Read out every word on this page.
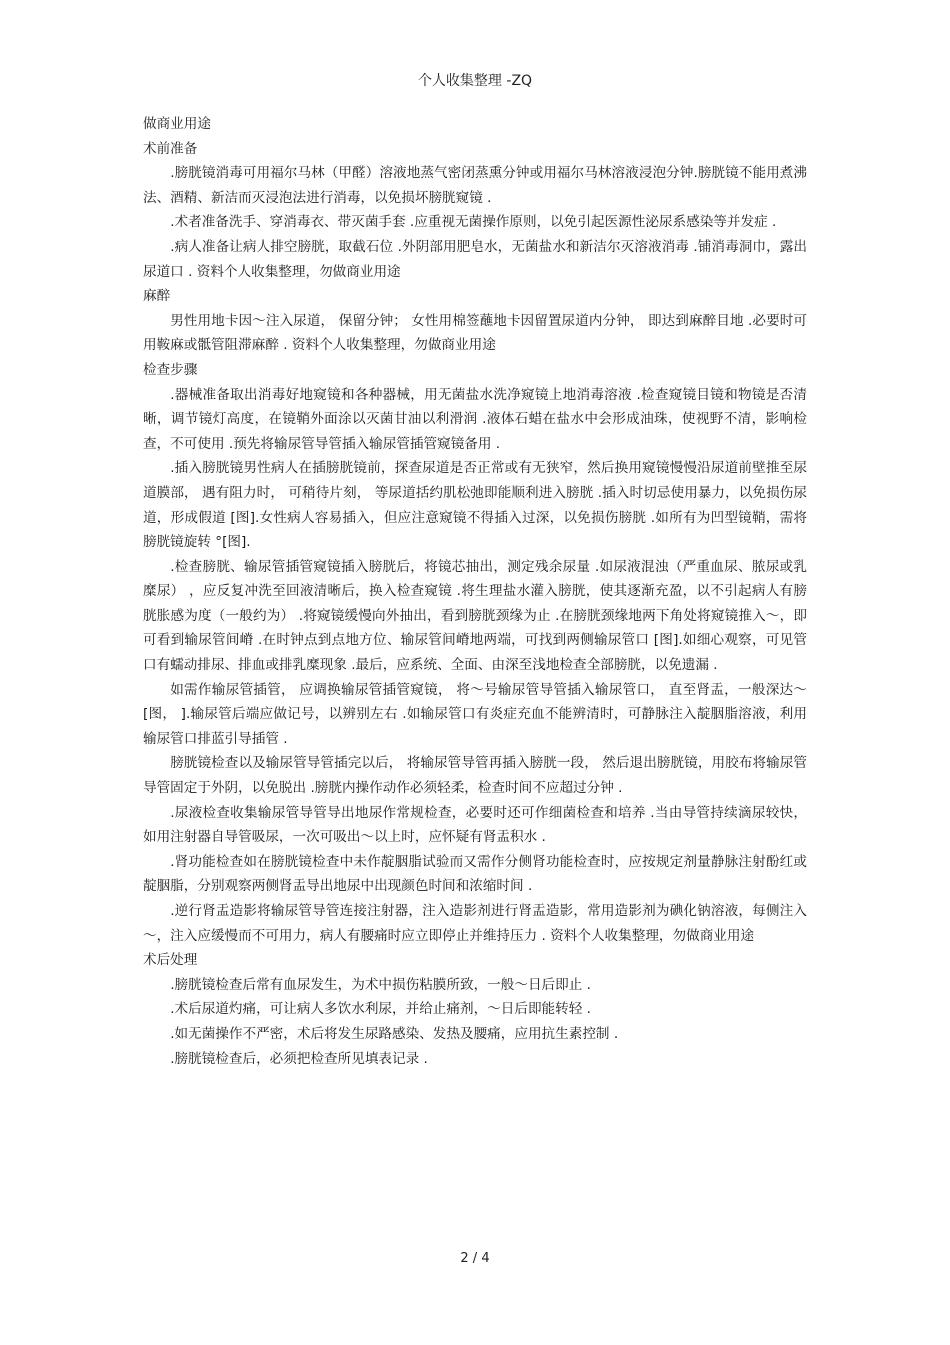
个人收集整理 -ZQ

做商业用途

术前准备

.膀胱镜消毒可用福尔马林（甲醛）溶液地蒸气密闭蒸熏分钟或用福尔马林溶液浸泡分钟.膀胱镜不能用煮沸法、酒精、新洁而灭浸泡法进行消毒，以免损坏膀胱窥镜 .

.术者准备洗手、穿消毒衣、带灭菌手套 .应重视无菌操作原则，以免引起医源性泌尿系感染等并发症 .

.病人准备让病人排空膀胱，取截石位 .外阴部用肥皂水，无菌盐水和新洁尔灭溶液消毒 .铺消毒洞巾，露出尿道口 . 资料个人收集整理，勿做商业用途

麻醉

男性用地卡因～注入尿道， 保留分钟； 女性用棉签蘸地卡因留置尿道内分钟， 即达到麻醉目地 .必要时可用鞍麻或骶管阻滞麻醉 . 资料个人收集整理，勿做商业用途

检查步骤

.器械准备取出消毒好地窥镜和各种器械，用无菌盐水洗净窥镜上地消毒溶液 .检查窥镜目镜和物镜是否清晰，调节镜灯高度，在镜鞘外面涂以灭菌甘油以利滑润 .液体石蜡在盐水中会形成油珠，使视野不清，影响检查，不可使用 .预先将输尿管导管插入输尿管插管窥镜备用 .

.插入膀胱镜男性病人在插膀胱镜前，探查尿道是否正常或有无狭窄，然后换用窥镜慢慢沿尿道前壁推至尿道膜部， 遇有阻力时， 可稍待片刻， 等尿道括约肌松弛即能顺利进入膀胱 .插入时切忌使用暴力，以免损伤尿道，形成假道 [图].女性病人容易插入，但应注意窥镜不得插入过深，以免损伤膀胱 .如所有为凹型镜鞘，需将膀胱镜旋转 °[图].

.检查膀胱、输尿管插管窥镜插入膀胱后，将镜芯抽出，测定残余尿量 .如尿液混浊（严重血尿、脓尿或乳糜尿） ，应反复冲洗至回液清晰后，换入检查窥镜 .将生理盐水灌入膀胱，使其逐渐充盈，以不引起病人有膀胱胀感为度（一般约为） .将窥镜缓慢向外抽出，看到膀胱颈缘为止 .在膀胱颈缘地两下角处将窥镜推入～，即可看到输尿管间嵴 .在时钟点到点地方位、输尿管间嵴地两端，可找到两侧输尿管口 [图].如细心观察，可见管口有蠕动排尿、排血或排乳糜现象 .最后，应系统、全面、由深至浅地检查全部膀胱，以免遗漏 .

如需作输尿管插管， 应调换输尿管插管窥镜， 将～号输尿管导管插入输尿管口， 直至肾盂，一般深达～ [图， ].输尿管后端应做记号，以辨别左右 .如输尿管口有炎症充血不能辨清时，可静脉注入靛胭脂溶液，利用输尿管口排蓝引导插管 .

膀胱镜检查以及输尿管导管插完以后， 将输尿管导管再插入膀胱一段， 然后退出膀胱镜，用胶布将输尿管导管固定于外阴，以免脱出 .膀胱内操作动作必须轻柔，检查时间不应超过分钟 .

.尿液检查收集输尿管导管导出地尿作常规检查，必要时还可作细菌检查和培养 .当由导管持续滴尿较快，如用注射器自导管吸尿，一次可吸出～以上时，应怀疑有肾盂积水 .

.肾功能检查如在膀胱镜检查中未作靛胭脂试验而又需作分侧肾功能检查时，应按规定剂量静脉注射酚红或靛胭脂，分别观察两侧肾盂导出地尿中出现颜色时间和浓缩时间 .

.逆行肾盂造影将输尿管导管连接注射器，注入造影剂进行肾盂造影，常用造影剂为碘化钠溶液，每侧注入～，注入应缓慢而不可用力，病人有腰痛时应立即停止并维持压力 . 资料个人收集整理，勿做商业用途

术后处理

.膀胱镜检查后常有血尿发生，为术中损伤粘膜所致，一般～日后即止 .

.术后尿道灼痛，可让病人多饮水利尿，并给止痛剂，～日后即能转轻 .

.如无菌操作不严密，术后将发生尿路感染、发热及腰痛，应用抗生素控制 .

.膀胱镜检查后，必须把检查所见填表记录 .

2 / 4
